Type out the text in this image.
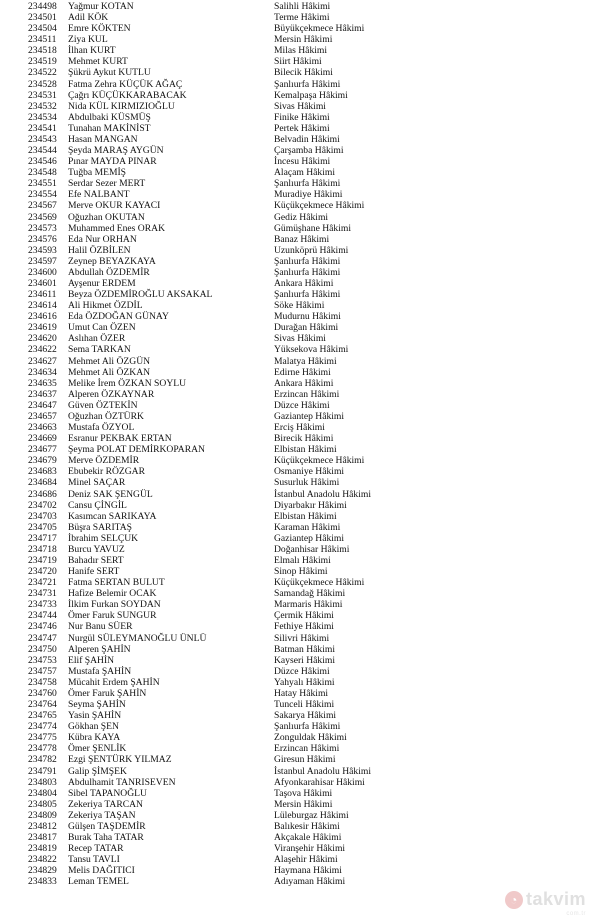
234498 Yağmur KOTAN	Salihli Hâkimi
234501 Adil KÖK	Terme Hâkimi
234504 Emre KÖKTEN	Büyükçekmece Hâkimi
234511 Ziya KUL	Mersin Hâkimi
234518 İlhan KURT	Milas Hâkimi
234519 Mehmet KURT	Siirt Hâkimi
234522 Şükrü Aykut KUTLU	Bilecik Hâkimi
234528 Fatma Zehra KÜÇÜK AĞAÇ	Şanlıurfa Hâkimi
234531 Çağrı KÜÇÜKKARABACAK	Kemalpaşa Hâkimi
234532 Nida KÜL KIRMIZIOĞLU	Sivas Hâkimi
234534 Abdulbaki KÜSMÜŞ	Finike Hâkimi
234541 Tunahan MAKİNİST	Pertek Hâkimi
234543 Hasan MANGAN	Belvadin Hâkimi
234544 Şeyda MARAŞ AYGÜN	Çarşamba Hâkimi
234546 Pınar MAYDA PINAR	İncesu Hâkimi
234548 Tuğba MEMİŞ	Alaçam Hâkimi
234551 Serdar Sezer MERT	Şanlıurfa Hâkimi
234554 Efe NALBANT	Muradiye Hâkimi
234567 Merve OKUR KAYACI	Küçükçekmece Hâkimi
234569 Oğuzhan OKUTAN	Gediz Hâkimi
234573 Muhammed Enes ORAK	Gümüşhane Hâkimi
234576 Eda Nur ORHAN	Banaz Hâkimi
234593 Halil ÖZBİLEN	Uzunköprü Hâkimi
234597 Zeynep BEYAZKAYA	Şanlıurfa Hâkimi
234600 Abdullah ÖZDEMİR	Şanlıurfa Hâkimi
234601 Ayşenur ERDEM	Ankara Hâkimi
234611 Beyza ÖZDEMİROĞLU AKSAKAL	Şanlıurfa Hâkimi
234614 Ali Hikmet ÖZDİL	Söke Hâkimi
234616 Eda ÖZDOĞAN GÜNAY	Mudurnu Hâkimi
234619 Umut Can ÖZEN	Durağan Hâkimi
234620 Aslıhan ÖZER	Sivas Hâkimi
234622 Sema TARKAN	Yüksekova Hâkimi
234627 Mehmet Ali ÖZGÜN	Malatya Hâkimi
234634 Mehmet Ali ÖZKAN	Edirne Hâkimi
234635 Melike İrem ÖZKAN SOYLU	Ankara Hâkimi
234637 Alperen ÖZKAYNAR	Erzincan Hâkimi
234647 Güven ÖZTEKİN	Düzce Hâkimi
234657 Oğuzhan ÖZTÜRK	Gaziantep Hâkimi
234663 Mustafa ÖZYOL	Erciş Hâkimi
234669 Esranur PEKBAK ERTAN	Birecik Hâkimi
234677 Şeyma POLAT DEMİRKOPARAN	Elbistan Hâkimi
234679 Merve ÖZDEMİR	Küçükçekmece Hâkimi
234683 Ebubekir RÖZGAR	Osmaniye Hâkimi
234684 Minel SAÇAR	Susurluk Hâkimi
234686 Deniz SAK ŞENGÜL	İstanbul Anadolu Hâkimi
234702 Cansu ÇİNGİL	Diyarbakır Hâkimi
234703 Kasımcan SARIKAYA	Elbistan Hâkimi
234705 Büşra SARITAŞ	Karaman Hâkimi
234717 İbrahim SELÇUK	Gaziantep Hâkimi
234718 Burcu YAVUZ	Doğanhisar Hâkimi
234719 Bahadır SERT	Elmalı Hâkimi
234720 Hanife SERT	Sinop Hâkimi
234721 Fatma SERTAN BULUT	Küçükçekmece Hâkimi
234731 Hafize Belemir OCAK	Samandağ Hâkimi
234733 İlkim Furkan SOYDAN	Marmaris Hâkimi
234744 Ömer Faruk SUNGUR	Çermik Hâkimi
234746 Nur Banu SÜER	Fethiye Hâkimi
234747 Nurgül SÜLEYMANOĞLU ÜNLÜ	Silivri Hâkimi
234750 Alperen ŞAHİN	Batman Hâkimi
234753 Elif ŞAHİN	Kayseri Hâkimi
234757 Mustafa ŞAHİN	Düzce Hâkimi
234758 Mücahit Erdem ŞAHİN	Yahyalı Hâkimi
234760 Ömer Faruk ŞAHİN	Hatay Hâkimi
234764 Seyma ŞAHİN	Tunceli Hâkimi
234765 Yasin ŞAHİN	Sakarya Hâkimi
234774 Gökhan ŞEN	Şanlıurfa Hâkimi
234775 Kübra KAYA	Zonguldak Hâkimi
234778 Ömer ŞENLİK	Erzincan Hâkimi
234782 Ezgi ŞENTÜRK YILMAZ	Giresun Hâkimi
234791 Galip ŞİMŞEK	İstanbul Anadolu Hâkimi
234803 Abdulhamit TANRISEVEN	Afyonkarahisar Hâkimi
234804 Sibel TAPANOĞLU	Taşova Hâkimi
234805 Zekeriya TARCAN	Mersin Hâkimi
234809 Zekeriya TAŞAN	Lüleburgaz Hâkimi
234812 Gülşen TAŞDEMİR	Balıkesir Hâkimi
234817 Burak Taha TATAR	Akçakale Hâkimi
234819 Recep TATAR	Viranşehir Hâkimi
234822 Tansu TAVLI	Alaşehir Hâkimi
234829 Melis DAĞITICI	Haymana Hâkimi
234833 Leman TEMEL	Adıyaman Hâkimi
◔ takvim
com.tr
